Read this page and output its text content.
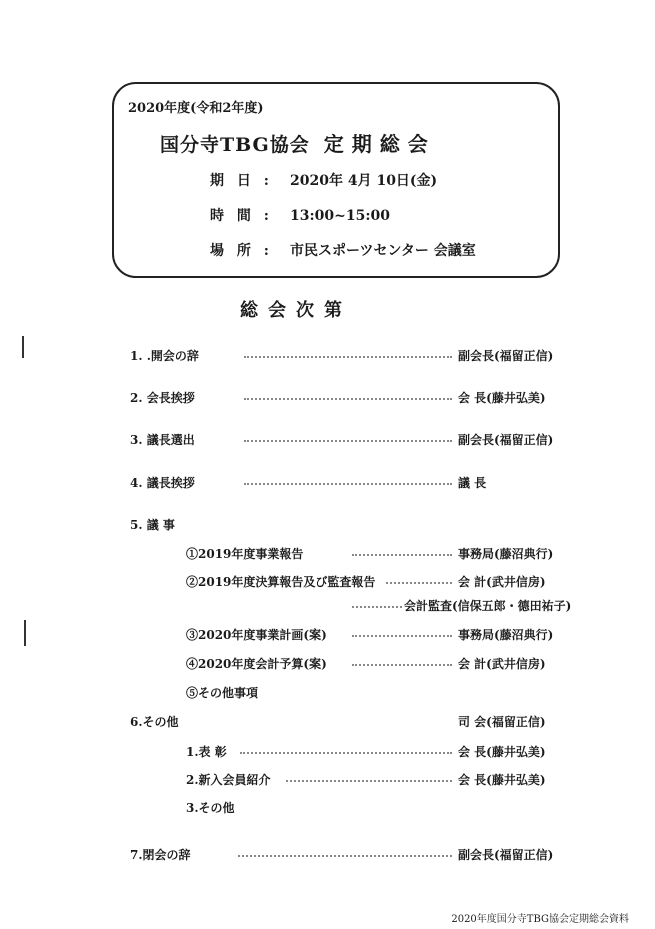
2020年度(令和2年度)
国分寺TBG協会 定期総会
期 日 : 2020年 4月 10日(金)
時 間 : 13:00~15:00
場 所 : 市民スポーツセンター 会議室
総会次第
1. .開会の辞	副会長(福留正信)
2. 会長挨拶	会 長(藤井弘美)
3. 議長選出	副会長(福留正信)
4. 議長挨拶	議 長
5. 議 事
①2019年度事業報告	事務局(藤沼典行)
②2019年度決算報告及び監査報告	会 計(武井信房)
会計監査(信保五郎・德田祐子)
③2020年度事業計画(案)	事務局(藤沼典行)
④2020年度会計予算(案)	会 計(武井信房)
⑤その他事項
6.その他	司 会(福留正信)
1.表 彰	会 長(藤井弘美)
2.新入会員紹介	会 長(藤井弘美)
3.その他
7.閉会の辞	副会長(福留正信)
2020年度国分寺TBG協会定期総会資料
